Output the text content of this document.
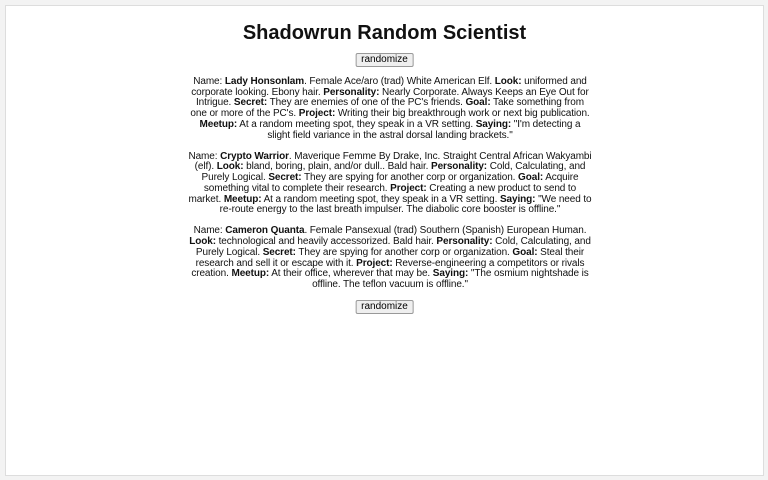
Shadowrun Random Scientist
randomize

Name: Lady Honsonlam. Female Ace/aro (trad) White American Elf. Look: uniformed and corporate looking. Ebony hair. Personality: Nearly Corporate. Always Keeps an Eye Out for Intrigue. Secret: They are enemies of one of the PC's friends. Goal: Take something from one or more of the PC's. Project: Writing their big breakthrough work or next big publication. Meetup: At a random meeting spot, they speak in a VR setting. Saying: "I'm detecting a slight field variance in the astral dorsal landing brackets."

Name: Crypto Warrior. Maverique Femme By Drake, Inc. Straight Central African Wakyambi (elf). Look: bland, boring, plain, and/or dull.. Bald hair. Personality: Cold, Calculating, and Purely Logical. Secret: They are spying for another corp or organization. Goal: Acquire something vital to complete their research. Project: Creating a new product to send to market. Meetup: At a random meeting spot, they speak in a VR setting. Saying: "We need to re-route energy to the last breath impulser. The diabolic core booster is offline."

Name: Cameron Quanta. Female Pansexual (trad) Southern (Spanish) European Human. Look: technological and heavily accessorized. Bald hair. Personality: Cold, Calculating, and Purely Logical. Secret: They are spying for another corp or organization. Goal: Steal their research and sell it or escape with it. Project: Reverse-engineering a competitors or rivals creation. Meetup: At their office, wherever that may be. Saying: "The osmium nightshade is offline. The teflon vacuum is offline."

randomize
